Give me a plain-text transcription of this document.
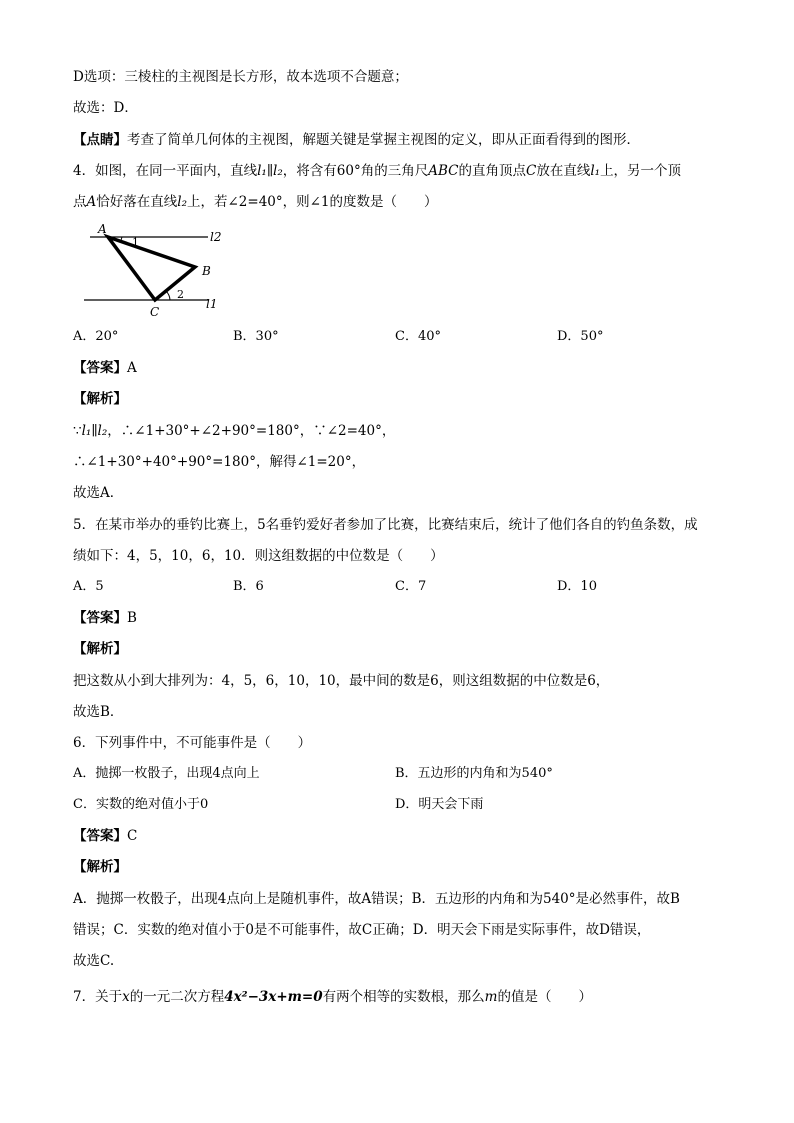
D选项：三棱柱的主视图是长方形，故本选项不合题意；
故选：D．
【点睛】考查了简单几何体的主视图，解题关键是掌握主视图的定义，即从正面看得到的图形．
4．如图，在同一平面内，直线l₁∥l₂，将含有60°角的三角尺ABC的直角顶点C放在直线l₁上，另一个顶
点A恰好落在直线l₂上，若∠2=40°，则∠1的度数是（　　）
A
1
B
2
C
l2
l1
A．20°	B．30°	C．40°	D．50°
【答案】A
【解析】
∵l₁∥l₂，∴∠1+30°+∠2+90°=180°，∵∠2=40°，
∴∠1+30°+40°+90°=180°，解得∠1=20°，
故选A．
5．在某市举办的垂钓比赛上，5名垂钓爱好者参加了比赛，比赛结束后，统计了他们各自的钓鱼条数，成
绩如下：4，5，10，6，10．则这组数据的中位数是（　　）
A．5	B．6	C．7	D．10
【答案】B
【解析】
把这数从小到大排列为：4，5，6，10，10，最中间的数是6，则这组数据的中位数是6，
故选B．
6．下列事件中，不可能事件是（　　）
A．抛掷一枚骰子，出现4点向上	B．五边形的内角和为540°
C．实数的绝对值小于0	D．明天会下雨
【答案】C
【解析】
A．抛掷一枚骰子，出现4点向上是随机事件，故A错误；B．五边形的内角和为540°是必然事件，故B
错误；C．实数的绝对值小于0是不可能事件，故C正确；D．明天会下雨是实际事件，故D错误，
故选C.
7．关于x的一元二次方程4x²−3x+m=0有两个相等的实数根，那么m的值是（　　）
